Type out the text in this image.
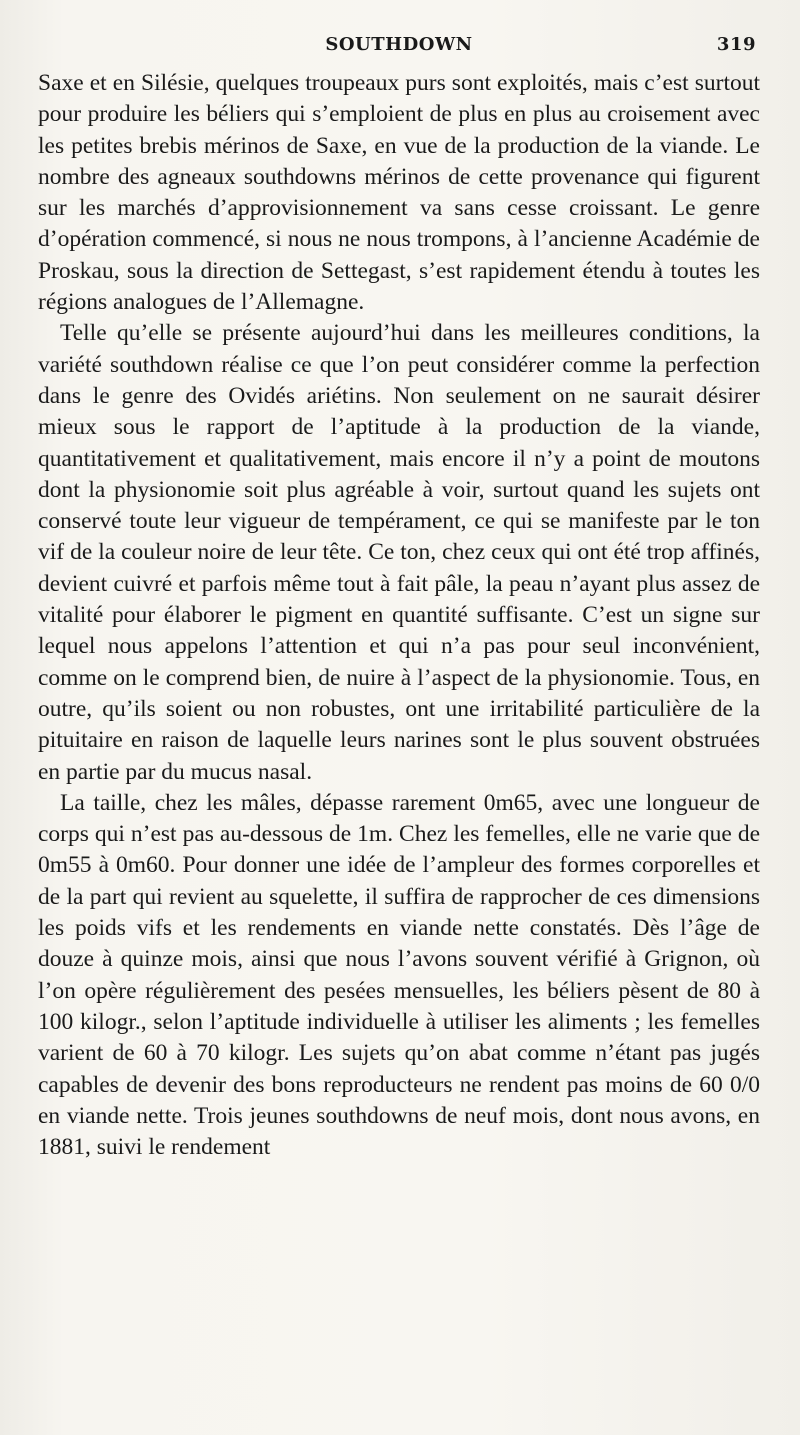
SOUTHDOWN	319

Saxe et en Silésie, quelques troupeaux purs sont exploités, mais c’est surtout pour produire les béliers qui s’emploient de plus en plus au croisement avec les petites brebis mérinos de Saxe, en vue de la production de la viande. Le nombre des agneaux southdowns mérinos de cette provenance qui figurent sur les marchés d’approvisionnement va sans cesse croissant. Le genre d’opération commencé, si nous ne nous trompons, à l’ancienne Académie de Proskau, sous la direction de Settegast, s’est rapidement étendu à toutes les régions analogues de l’Allemagne.

Telle qu’elle se présente aujourd’hui dans les meilleures conditions, la variété southdown réalise ce que l’on peut considérer comme la perfection dans le genre des Ovidés ariétins. Non seulement on ne saurait désirer mieux sous le rapport de l’aptitude à la production de la viande, quantitativement et qualitativement, mais encore il n’y a point de moutons dont la physionomie soit plus agréable à voir, surtout quand les sujets ont conservé toute leur vigueur de tempérament, ce qui se manifeste par le ton vif de la couleur noire de leur tête. Ce ton, chez ceux qui ont été trop affinés, devient cuivré et parfois même tout à fait pâle, la peau n’ayant plus assez de vitalité pour élaborer le pigment en quantité suffisante. C’est un signe sur lequel nous appelons l’attention et qui n’a pas pour seul inconvénient, comme on le comprend bien, de nuire à l’aspect de la physionomie. Tous, en outre, qu’ils soient ou non robustes, ont une irritabilité particulière de la pituitaire en raison de laquelle leurs narines sont le plus souvent obstruées en partie par du mucus nasal.

La taille, chez les mâles, dépasse rarement 0m65, avec une longueur de corps qui n’est pas au-dessous de 1m. Chez les femelles, elle ne varie que de 0m55 à 0m60. Pour donner une idée de l’ampleur des formes corporelles et de la part qui revient au squelette, il suffira de rapprocher de ces dimensions les poids vifs et les rendements en viande nette constatés. Dès l’âge de douze à quinze mois, ainsi que nous l’avons souvent vérifié à Grignon, où l’on opère régulièrement des pesées mensuelles, les béliers pèsent de 80 à 100 kilogr., selon l’aptitude individuelle à utiliser les aliments ; les femelles varient de 60 à 70 kilogr. Les sujets qu’on abat comme n’étant pas jugés capables de devenir des bons reproducteurs ne rendent pas moins de 60 0/0 en viande nette. Trois jeunes southdowns de neuf mois, dont nous avons, en 1881, suivi le rendement
